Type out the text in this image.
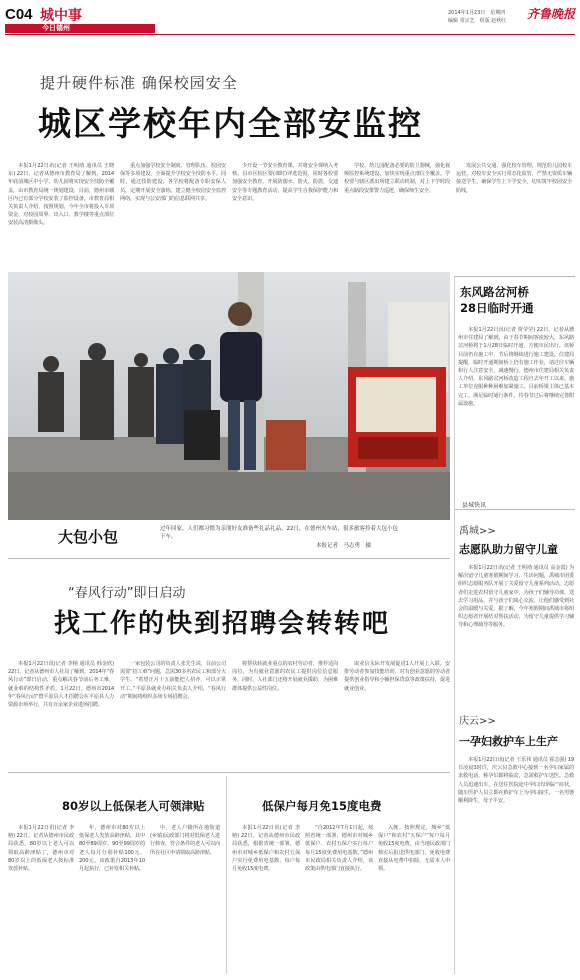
C04 城中事
今日德州
2014年1月23日　星期四
编辑 常宗艺　组版 赵秋红 齐鲁晚报
提升硬件标准 确保校园安全
城区学校年内全部安监控

本报1月22日讯(记者 王明靖 通讯员 王晓东) 22日，记者从德州市教育局了解到，2014年底前城区中小学、幼儿园将实现安全技防全覆盖，由市教育局统一规划建设。目前，德州市城区内已有部分学校安装了监控设备。市教育局相关负责人介绍，按照规划，今年全市将投入专项资金，对校园周界、出入口、教学楼等重点部位安装高清摄像头。

重点加强学校安全制度、管理队伍、校园安保等多项建设，全面提升学校安全技防水平。同时，通过技防建设，各学校将配备专职安保人员，定期开展安全演练，建立健全校园安全监控网络，实现与公安部门的信息联网共享。

少开设一节安全教育课，并将安全课纳入考核，县市区校区要(课时)评选范围。同时各校要加强安全教育，开展防溺水、防火、防震、交通安全等专题教育活动，提高学生自我保护能力和安全意识。

学校、幼儿园配备必要的防卫器械，强化视频监控系统建设，加快实现重点部位全覆盖。学校要与辖区派出所建立联动机制，对上下学时段重点路段安排警力巡逻，确保师生安全。

发展公共交通、强化校车管理，规范幼儿园校车运营。对校车安全实行常态化监管，严禁无资质车辆接送学生，确保学生上下学安全，切实筑牢校园安全防线。

大包小包	过年回家，人们都习惯为亲朋好友准备些礼品礼品。22日，在德州火车站，很多旅客拎着大包小包下车。
本报记者　马志勇　摄
东风路岔河桥
28日临时开通

本报1月22日讯(记者 贾莹莹) 22日，记者从德州市住建局了解到，由于春节期间客流较大，东风路岔河桥将于1月28日临时开通，方便市民出行。该桥目前仍在施工中，节后将继续进行施工建设。住建局提醒，临时开通期间桥上仍有施工作业，请过往车辆和行人注意安全，减速慢行。德州市住建局相关负责人介绍，东风路岔河桥改造工程自去年开工以来，施工单位克服种种困难加紧施工。目前桥梁主体已基本完工，满足临时通行条件，待春节过后将继续完善附属设施。

县城快讯
禹城>>
志愿队助力留守儿童

本报1月22日讯(记者 王明靖 通讯员 高金霞) 为解决留守儿童寒假期间学习、生活问题，禹城市团委组织志愿服务队开展了关爱留守儿童系列活动。志愿者们走进农村留守儿童家中，为孩子们辅导功课、送去学习用品，并与孩子们谈心交流，让他们感受到社会的温暖与关爱。据了解，今年寒假期间禹城市将组织志愿者开展结对帮扶活动，为留守儿童提供学习辅导和心理疏导等服务。

庆云>>
一孕妇救护车上生产

本报1月22日讯(记者 王乐伟 通讯员 霍志强) 19日凌晨3时许，庆云县急救中心接到一名孕妇家属的求救电话，称孕妇即将临盆，急需救护车送医。急救人员迅速出车，在送往医院途中孕妇出现临产症状，随车医护人员立即在救护车上为孕妇接生，一名男婴顺利降生，母子平安。

“春风行动”即日启动
找工作的快到招聘会转转吧

本报1月22日讯(记者 李榕 通讯员 韩金欣) 22日，记者从德州市人社局了解到，2014年“春风行动”即日启动，重点解决春节前后务工难、就业难的结构性矛盾。1月22日，德州市2014年“春风行动”暨平原县人才招聘会在平原县人力资源市场举行，共有百余家企业进场招聘。

一家包装公司的负责人张先生说，目前公司需要“招工难”问题，急需30多名农民工和部分大学生。“希望正月十五前能把人招齐，可以正常开工。”平原县就业办相关负责人介绍，“春风行动”期间将组织多场专场招聘会。

将帮扶转就业重点的农村劳动者，推荐适岗岗位，为有就业意愿的农民工提供岗位信息服务。同时，人社部门还将开展就业援助，为困难群体提供公益性岗位。

取业信永际开发展促进1人开展上入联。安排劳动者参加技能培训，对有创业意愿的劳动者提供创业指导和小额担保贷款等政策扶持，促进就业创业。

80岁以上低保老人可领津贴

本报1月22日讯(记者 李榕) 22日，记者从德州市民政局获悉，80岁以上老人可以领取高龄津贴了，德州市对80岁以上的低保老人按标准发放补贴。

年，德州市对80岁以上低保老人发放高龄津贴，其中80至89周岁、90至99周岁的老人每月分别补贴100元、200元。该政策自2013年10月起执行，已补发相关补贴。

中，老人户籍所在地街道(乡镇)民政部门将对低保老人进行核查，符合条件的老人可以向所在社区申请领取高龄津贴。

低保户每月免15度电费

本报1月22日讯(记者 李榕) 22日，记者从德州市民政局获悉，根据省统一部署，德州市对城乡低保户和农村五保户实行免费用电基数，每户每月免收15度电费。

“自2012年7月1日起，按照省统一部署，德州市对城乡低保户、农村五保户实行每户每月15度免费用电基数。”德州市民政局相关负责人介绍，该政策由供电部门直接执行。

入帐。按照规定，城乡“低保户”和农村“五保户”每户每月免收15度电费，由当地民政部门核实后报送供电部门，免收电费直接从电费中扣除，无需本人申领。
